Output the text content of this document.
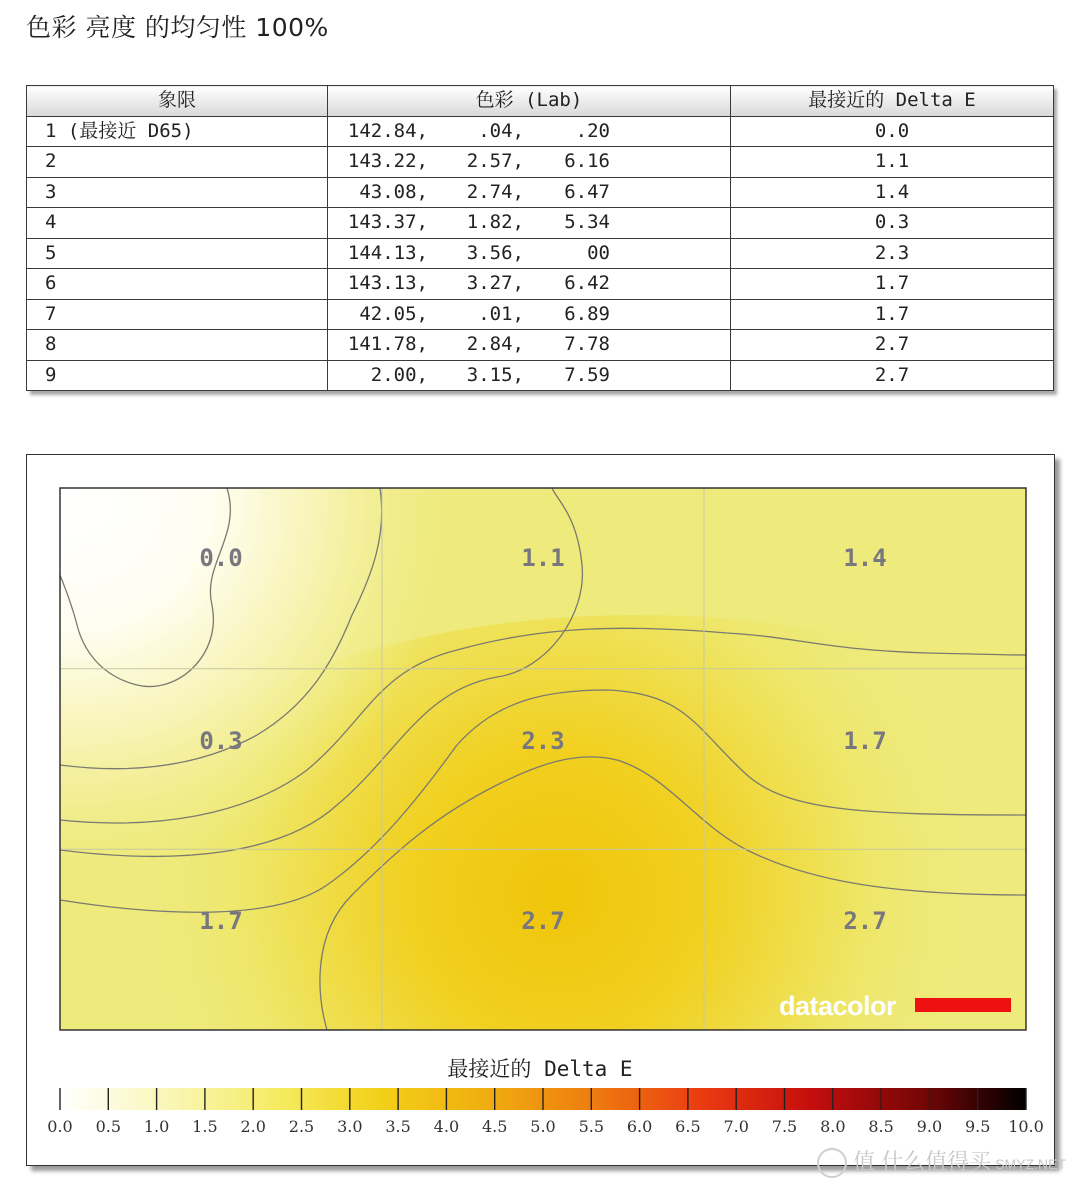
色彩 亮度 的均匀性 100%
象限	色彩 (Lab)	最接近的 Delta E
1 (最接近 D65)	142.84, .04, .20	0.0
2	143.22, 2.57, 6.16	1.1
3	43.08, 2.74, 6.47	1.4
4	143.37, 1.82, 5.34	0.3
5	144.13, 3.56, 00	2.3
6	143.13, 3.27, 6.42	1.7
7	42.05, .01, 6.89	1.7
8	141.78, 2.84, 7.78	2.7
9	2.00, 3.15, 7.59	2.7
0.0	1.1	1.4
0.3	2.3	1.7
1.7	2.7	2.7
datacolor
最接近的 Delta E
0.0 0.5 1.0 1.5 2.0 2.5 3.0 3.5 4.0 4.5 5.0 5.5 6.0 6.5 7.0 7.5 8.0 8.5 9.0 9.5 10.0
值 什么值得买 SMYZ.NET
